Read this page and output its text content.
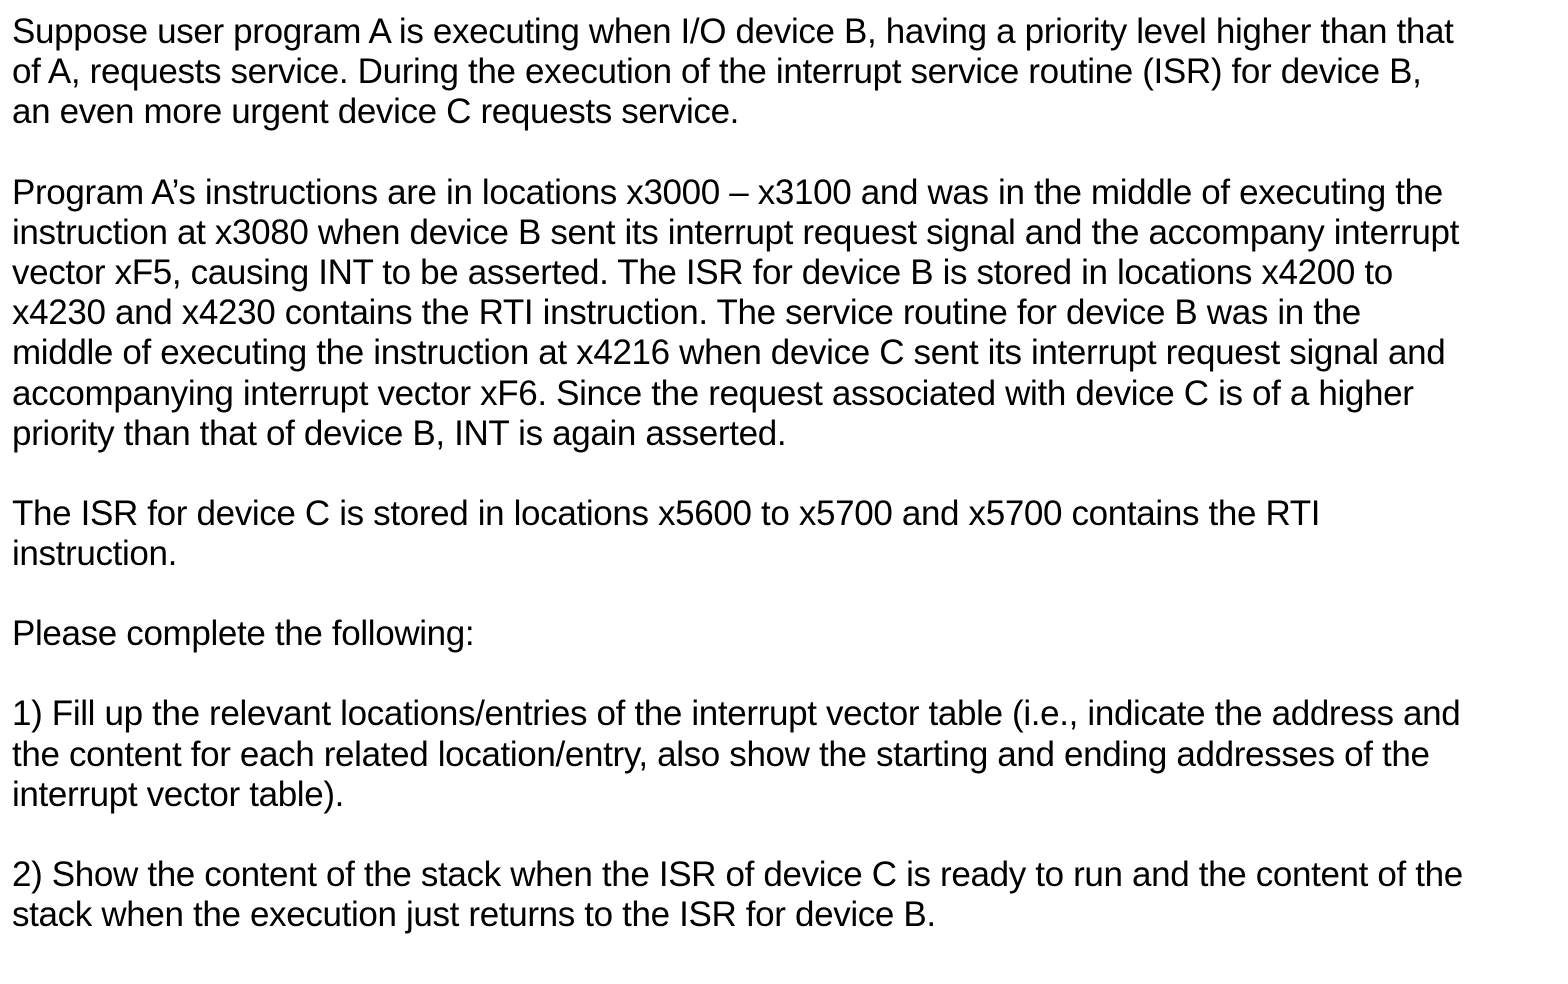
Suppose user program A is executing when I/O device B, having a priority level higher than that
of A, requests service. During the execution of the interrupt service routine (ISR) for device B,
an even more urgent device C requests service.

Program A’s instructions are in locations x3000 – x3100 and was in the middle of executing the
instruction at x3080 when device B sent its interrupt request signal and the accompany interrupt
vector xF5, causing INT to be asserted. The ISR for device B is stored in locations x4200 to
x4230 and x4230 contains the RTI instruction. The service routine for device B was in the
middle of executing the instruction at x4216 when device C sent its interrupt request signal and
accompanying interrupt vector xF6. Since the request associated with device C is of a higher
priority than that of device B, INT is again asserted.

The ISR for device C is stored in locations x5600 to x5700 and x5700 contains the RTI
instruction.

Please complete the following:

1) Fill up the relevant locations/entries of the interrupt vector table (i.e., indicate the address and
the content for each related location/entry, also show the starting and ending addresses of the
interrupt vector table).

2) Show the content of the stack when the ISR of device C is ready to run and the content of the
stack when the execution just returns to the ISR for device B.
